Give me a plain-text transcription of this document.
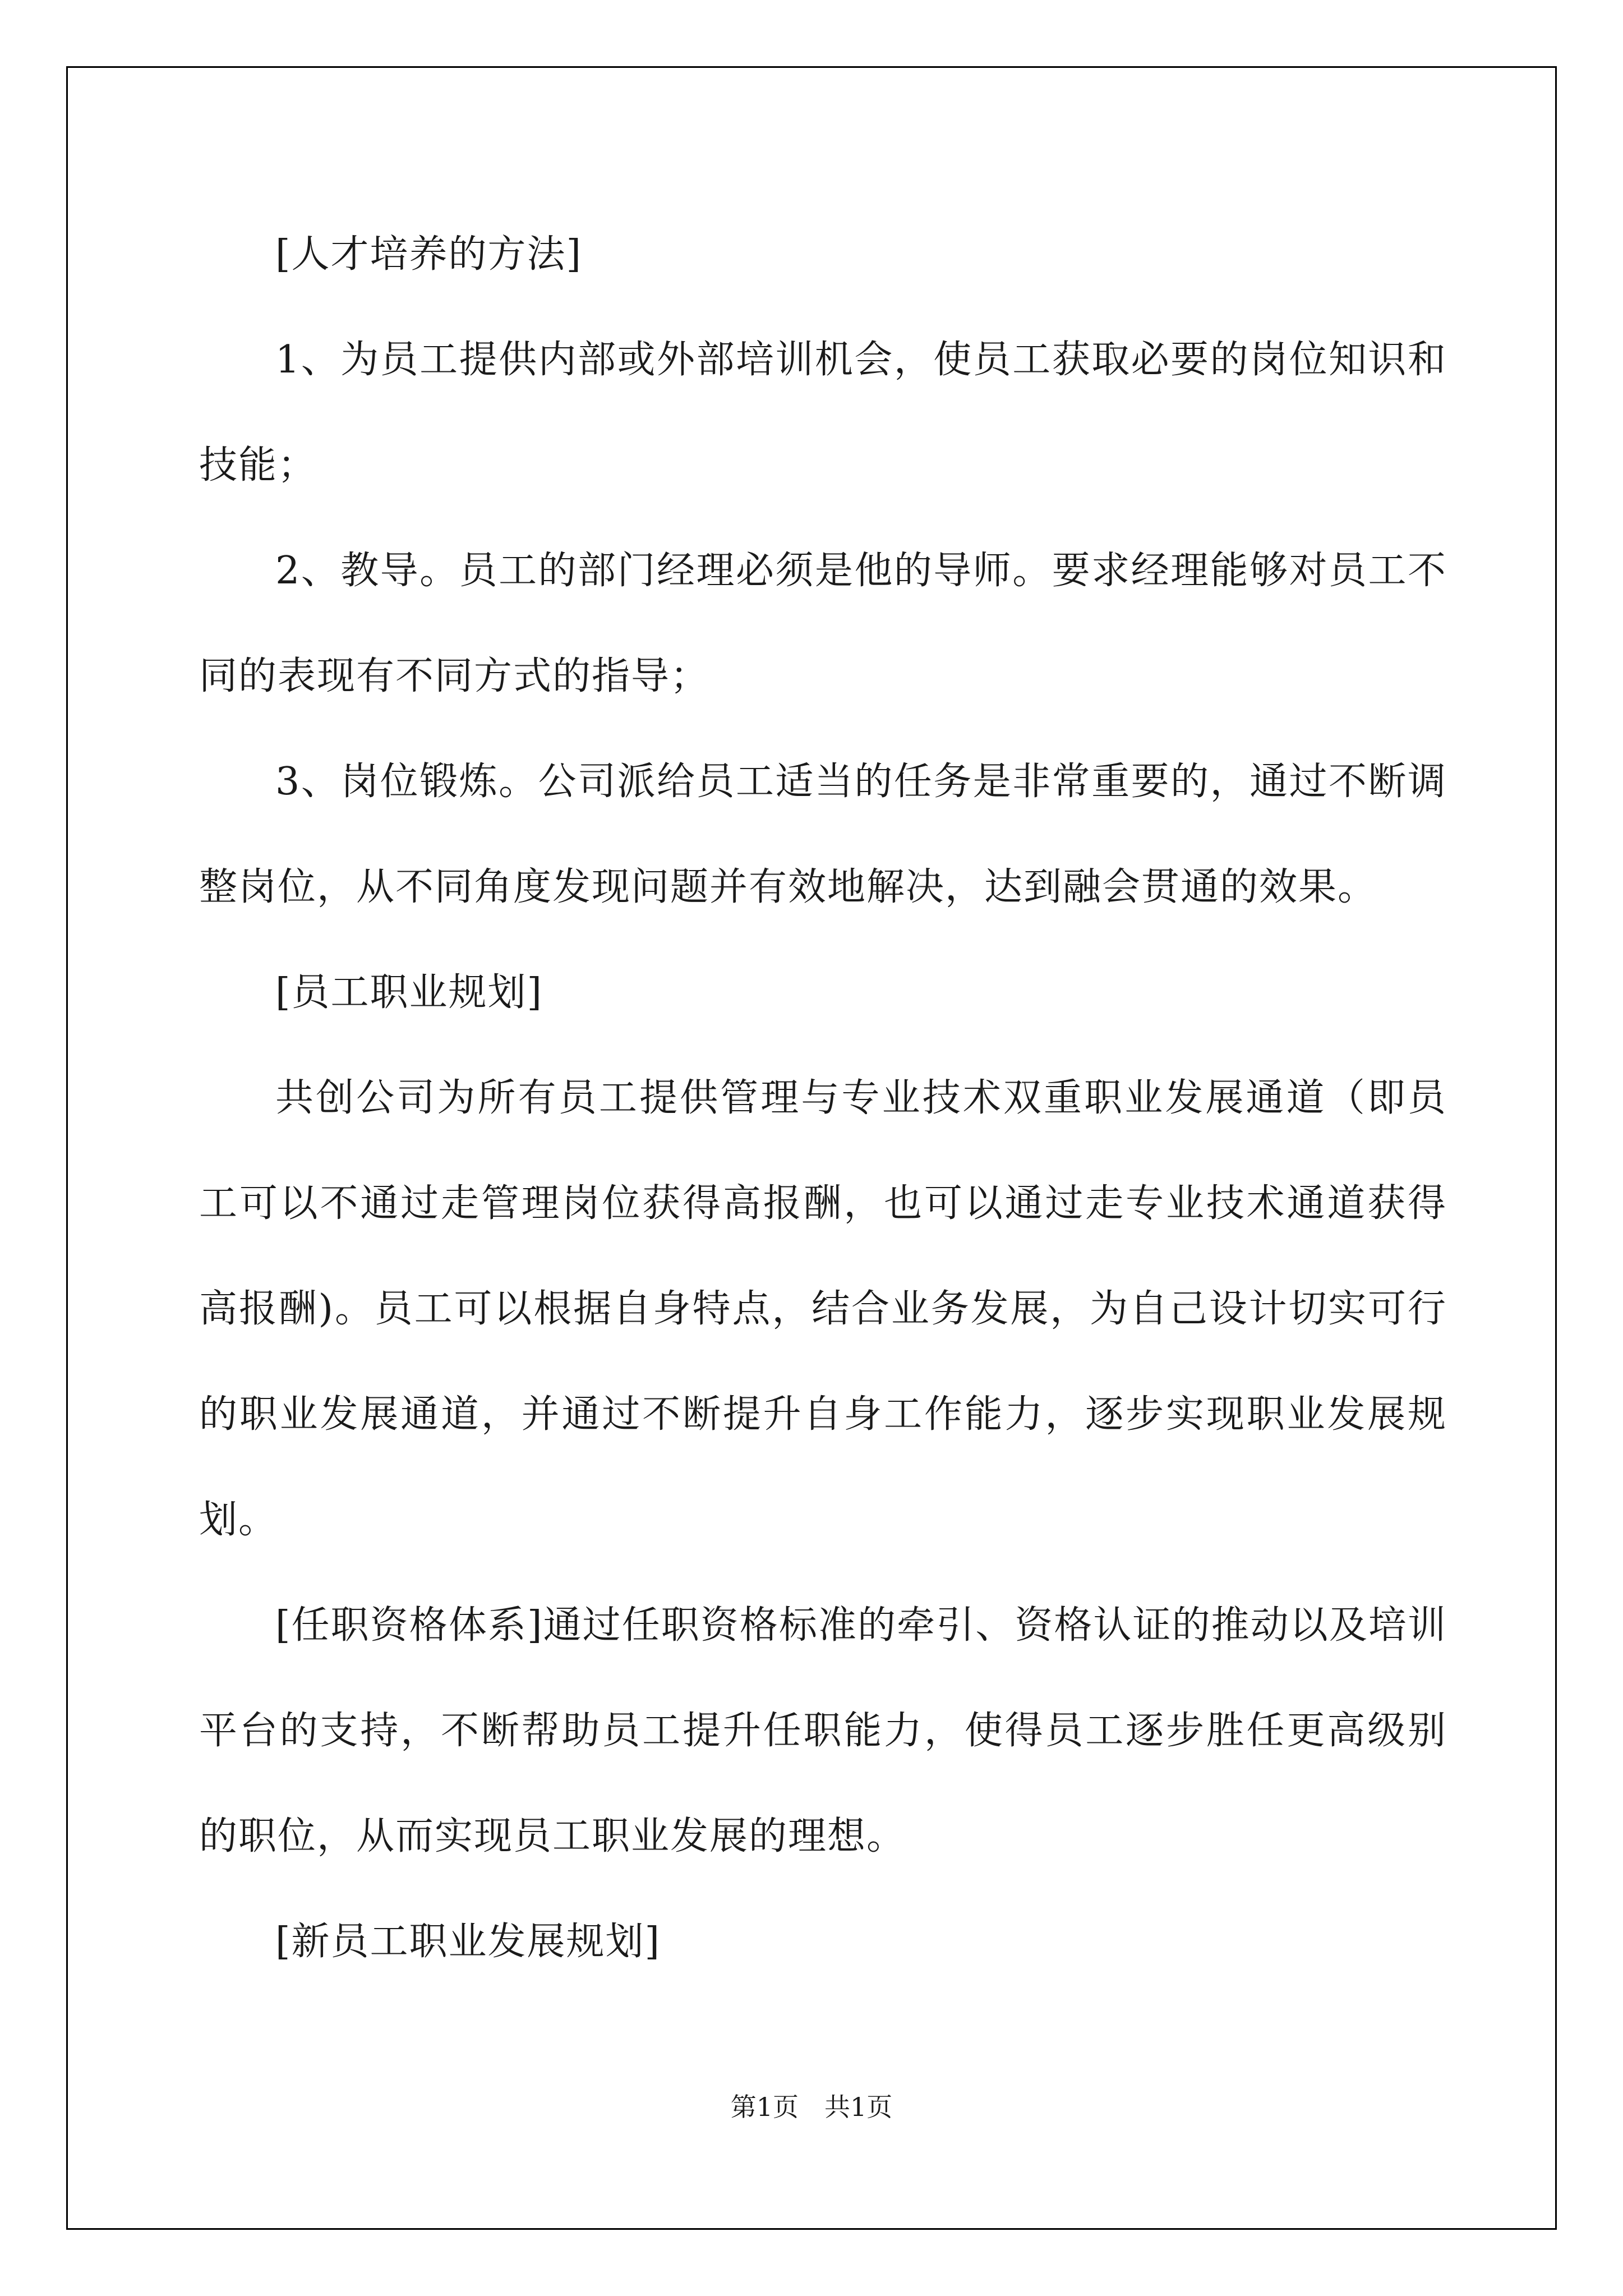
[人才培养的方法]

1、为员工提供内部或外部培训机会，使员工获取必要的岗位知识和技能；

2、教导。员工的部门经理必须是他的导师。要求经理能够对员工不同的表现有不同方式的指导；

3、岗位锻炼。公司派给员工适当的任务是非常重要的，通过不断调整岗位，从不同角度发现问题并有效地解决，达到融会贯通的效果。

[员工职业规划]

共创公司为所有员工提供管理与专业技术双重职业发展通道（即员工可以不通过走管理岗位获得高报酬，也可以通过走专业技术通道获得高报酬)。员工可以根据自身特点，结合业务发展，为自己设计切实可行的职业发展通道，并通过不断提升自身工作能力，逐步实现职业发展规划。

[任职资格体系]通过任职资格标准的牵引、资格认证的推动以及培训平台的支持，不断帮助员工提升任职能力，使得员工逐步胜任更高级别的职位，从而实现员工职业发展的理想。

[新员工职业发展规划]

第1页　共1页
